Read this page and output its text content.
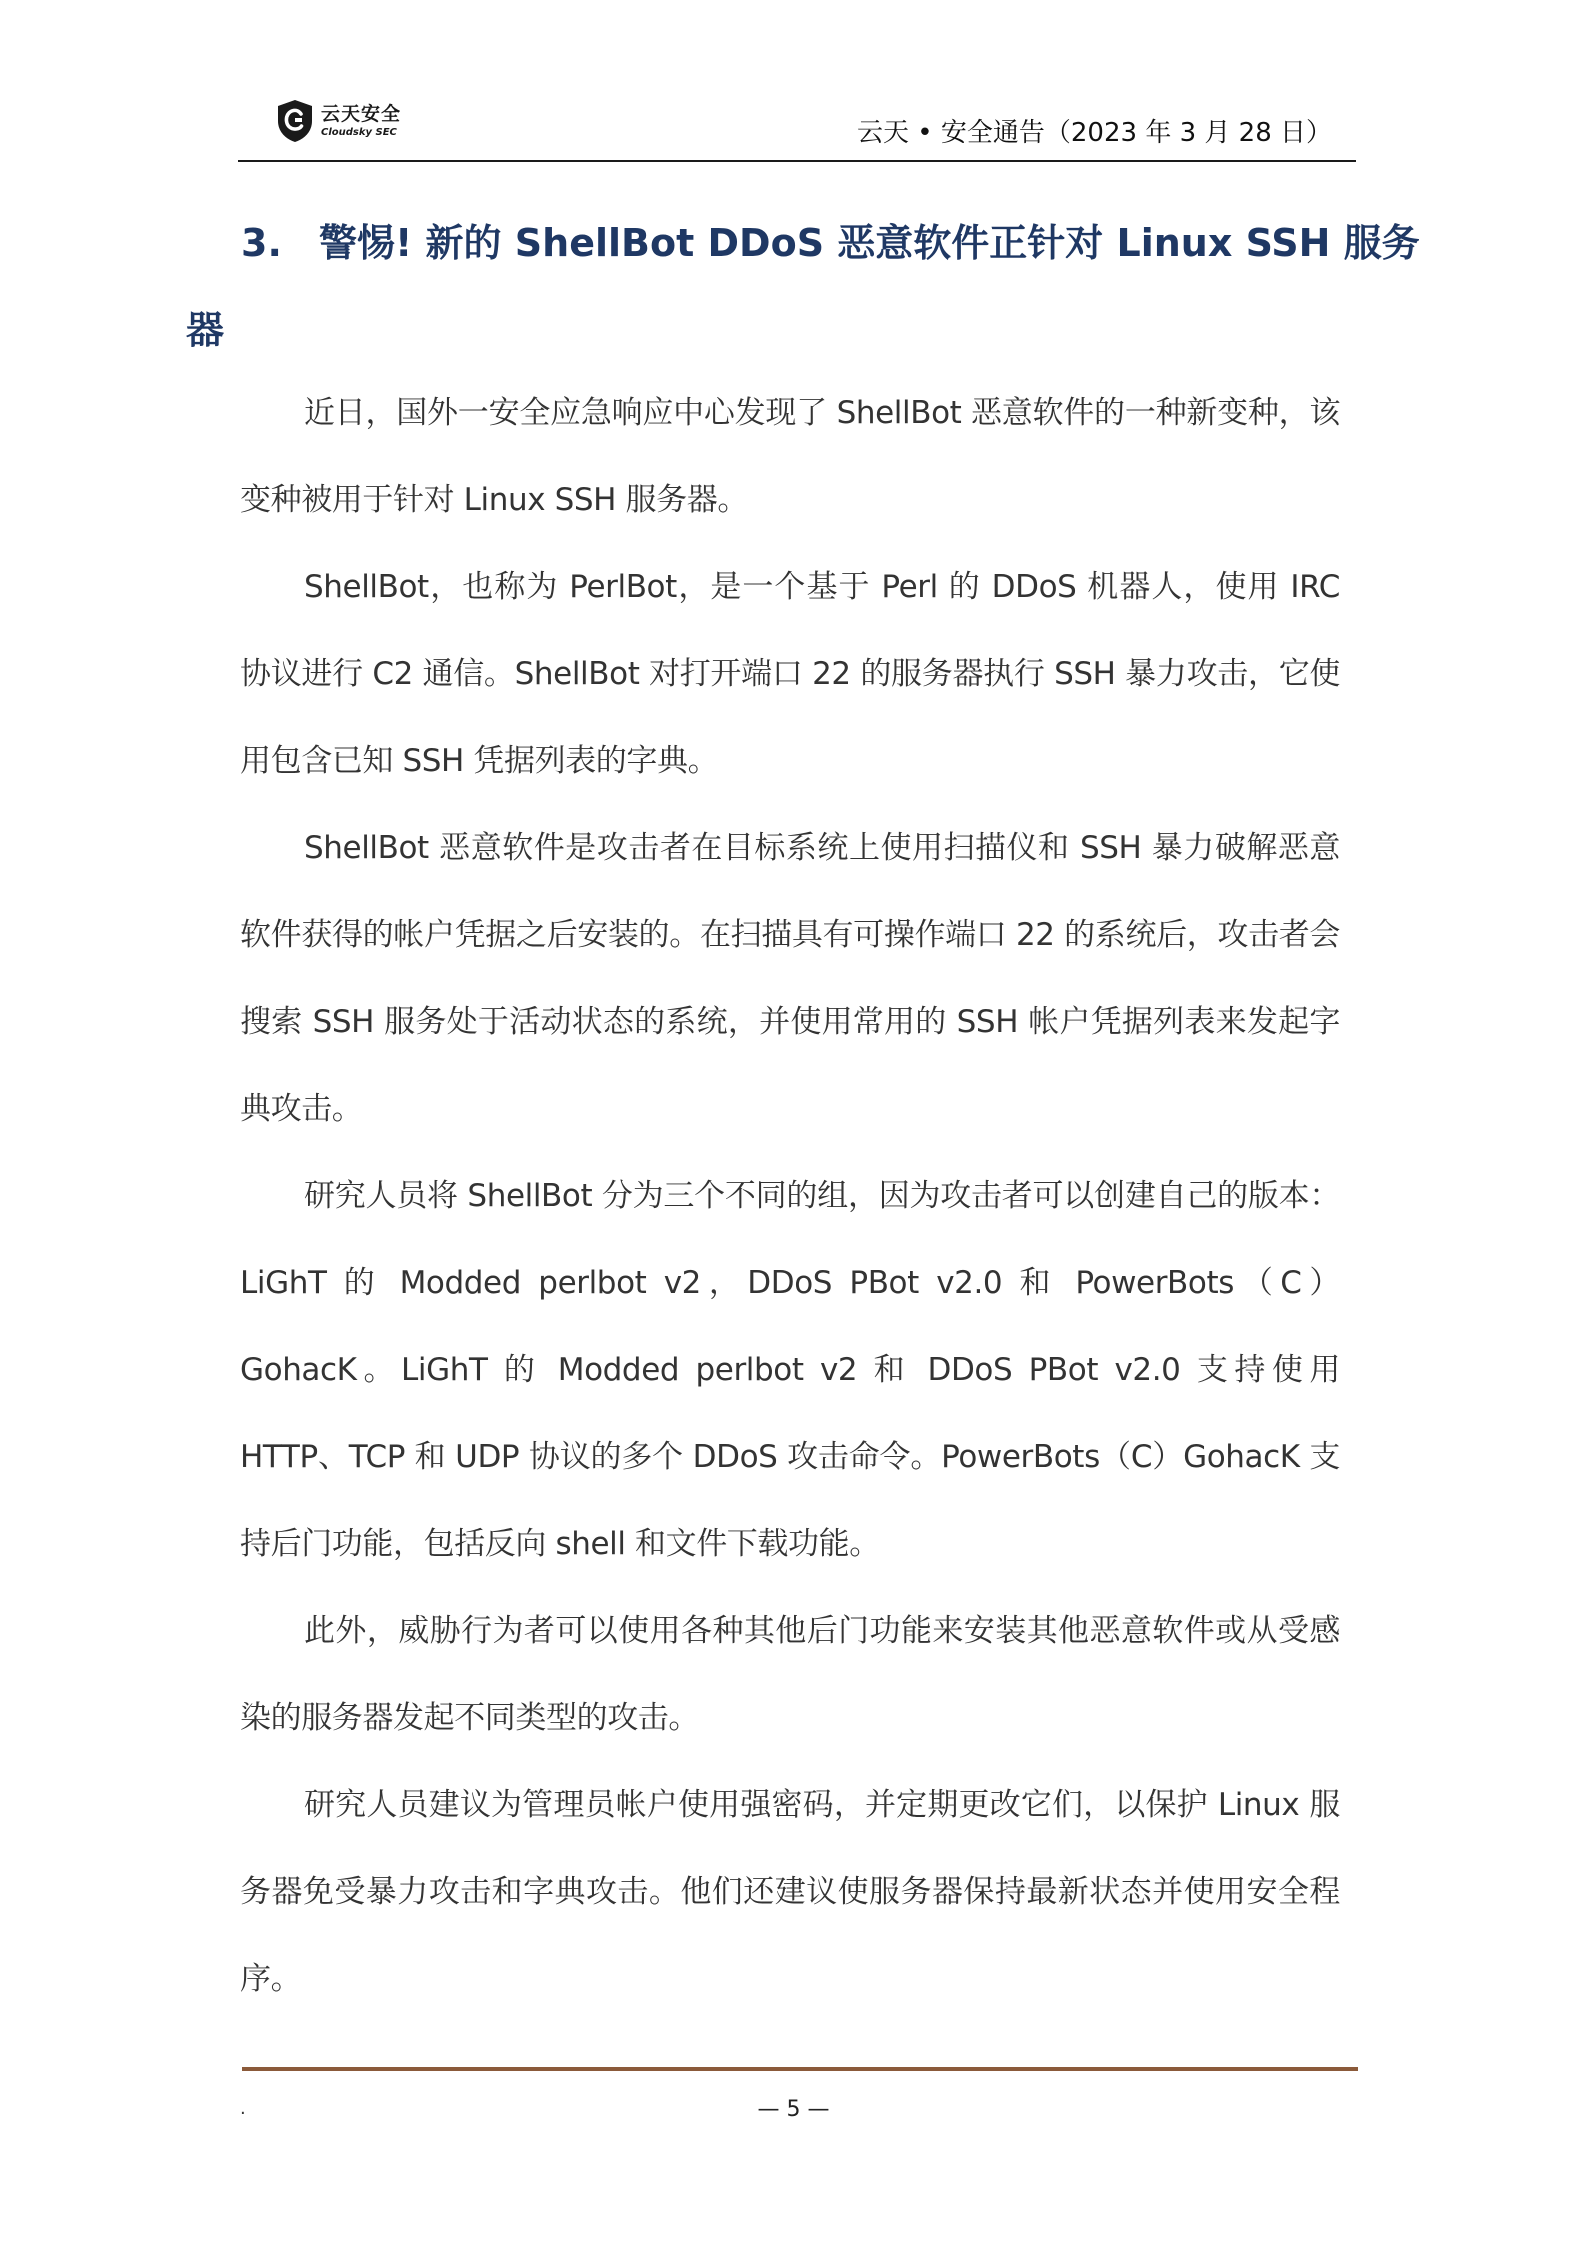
云天安全
Cloudsky SEC	云天 • 安全通告（2023 年 3 月 28 日）
3. 警惕! 新的 ShellBot DDoS 恶意软件正针对 Linux SSH 服务
器

近日，国外一安全应急响应中心发现了 ShellBot 恶意软件的一种新变种，该变种被用于针对 Linux SSH 服务器。

ShellBot，也称为 PerlBot，是一个基于 Perl 的 DDoS 机器人，使用 IRC 协议进行 C2 通信。ShellBot 对打开端口 22 的服务器执行 SSH 暴力攻击，它使用包含已知 SSH 凭据列表的字典。

ShellBot 恶意软件是攻击者在目标系统上使用扫描仪和 SSH 暴力破解恶意软件获得的帐户凭据之后安装的。在扫描具有可操作端口 22 的系统后，攻击者会搜索 SSH 服务处于活动状态的系统，并使用常用的 SSH 帐户凭据列表来发起字典攻击。

研究人员将 ShellBot 分为三个不同的组，因为攻击者可以创建自己的版本：LiGhT 的 Modded perlbot v2，DDoS PBot v2.0 和 PowerBots（C）GohacK。LiGhT 的 Modded perlbot v2 和 DDoS PBot v2.0 支持使用 HTTP、TCP 和 UDP 协议的多个 DDoS 攻击命令。PowerBots（C）GohacK 支持后门功能，包括反向 shell 和文件下载功能。

此外，威胁行为者可以使用各种其他后门功能来安装其他恶意软件或从受感染的服务器发起不同类型的攻击。

研究人员建议为管理员帐户使用强密码，并定期更改它们，以保护 Linux 服务器免受暴力攻击和字典攻击。他们还建议使服务器保持最新状态并使用安全程序。

.	— 5 —
